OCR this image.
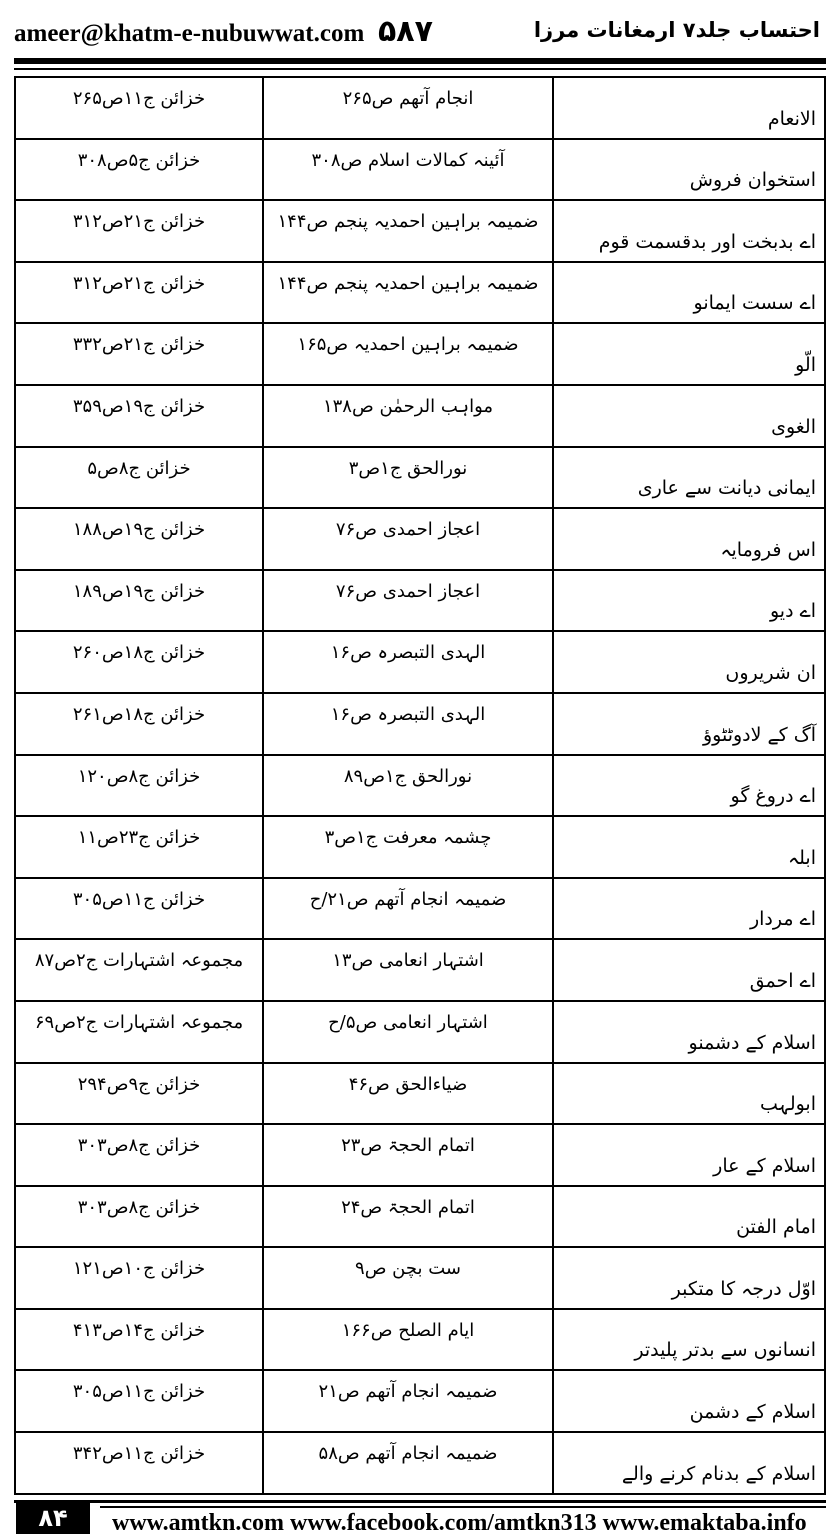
ameer@khatm-e-nubuwwat.com ۵۸۷	احتساب جلد۷ ارمغانات مرزا
الانعام	انجام آتھم ص۲۶۵	خزائن ج۱۱ص۲۶۵
استخوان فروش	آئینہ کمالات اسلام ص۳۰۸	خزائن ج۵ص۳۰۸
اے بدبخت اور بدقسمت قوم	ضمیمہ براہین احمدیہ پنجم ص۱۴۴	خزائن ج۲۱ص۳۱۲
اے سست ایمانو	ضمیمہ براہین احمدیہ پنجم ص۱۴۴	خزائن ج۲۱ص۳۱۲
الّو	ضمیمہ براہین احمدیہ ص۱۶۵	خزائن ج۲۱ص۳۳۲
الغوی	مواہب الرحمٰن ص۱۳۸	خزائن ج۱۹ص۳۵۹
ایمانی دیانت سے عاری	نورالحق ج۱ص۳	خزائن ج۸ص۵
اس فرومایہ	اعجاز احمدی ص۷۶	خزائن ج۱۹ص۱۸۸
اے دیو	اعجاز احمدی ص۷۶	خزائن ج۱۹ص۱۸۹
ان شریروں	الہدی التبصرہ ص۱۶	خزائن ج۱۸ص۲۶۰
آگ کے لادوٹٹوؤ	الہدی التبصرہ ص۱۶	خزائن ج۱۸ص۲۶۱
اے دروغ گو	نورالحق ج۱ص۸۹	خزائن ج۸ص۱۲۰
ابلہ	چشمہ معرفت ج۱ص۳	خزائن ج۲۳ص۱۱
اے مردار	ضمیمہ انجام آتھم ص۲۱/ح	خزائن ج۱۱ص۳۰۵
اے احمق	اشتہار انعامی ص۱۳	مجموعہ اشتہارات ج۲ص۸۷
اسلام کے دشمنو	اشتہار انعامی ص۵/ح	مجموعہ اشتہارات ج۲ص۶۹
ابولہب	ضیاءالحق ص۴۶	خزائن ج۹ص۲۹۴
اسلام کے عار	اتمام الحجۃ ص۲۳	خزائن ج۸ص۳۰۳
امام الفتن	اتمام الحجۃ ص۲۴	خزائن ج۸ص۳۰۳
اوّل درجہ کا متکبر	ست بچن ص۹	خزائن ج۱۰ص۱۲۱
انسانوں سے بدتر پلیدتر	ایام الصلح ص۱۶۶	خزائن ج۱۴ص۴۱۳
اسلام کے دشمن	ضمیمہ انجام آتھم ص۲۱	خزائن ج۱۱ص۳۰۵
اسلام کے بدنام کرنے والے	ضمیمہ انجام آتھم ص۵۸	خزائن ج۱۱ص۳۴۲
۸۴	www.amtkn.com www.facebook.com/amtkn313 www.emaktaba.info
